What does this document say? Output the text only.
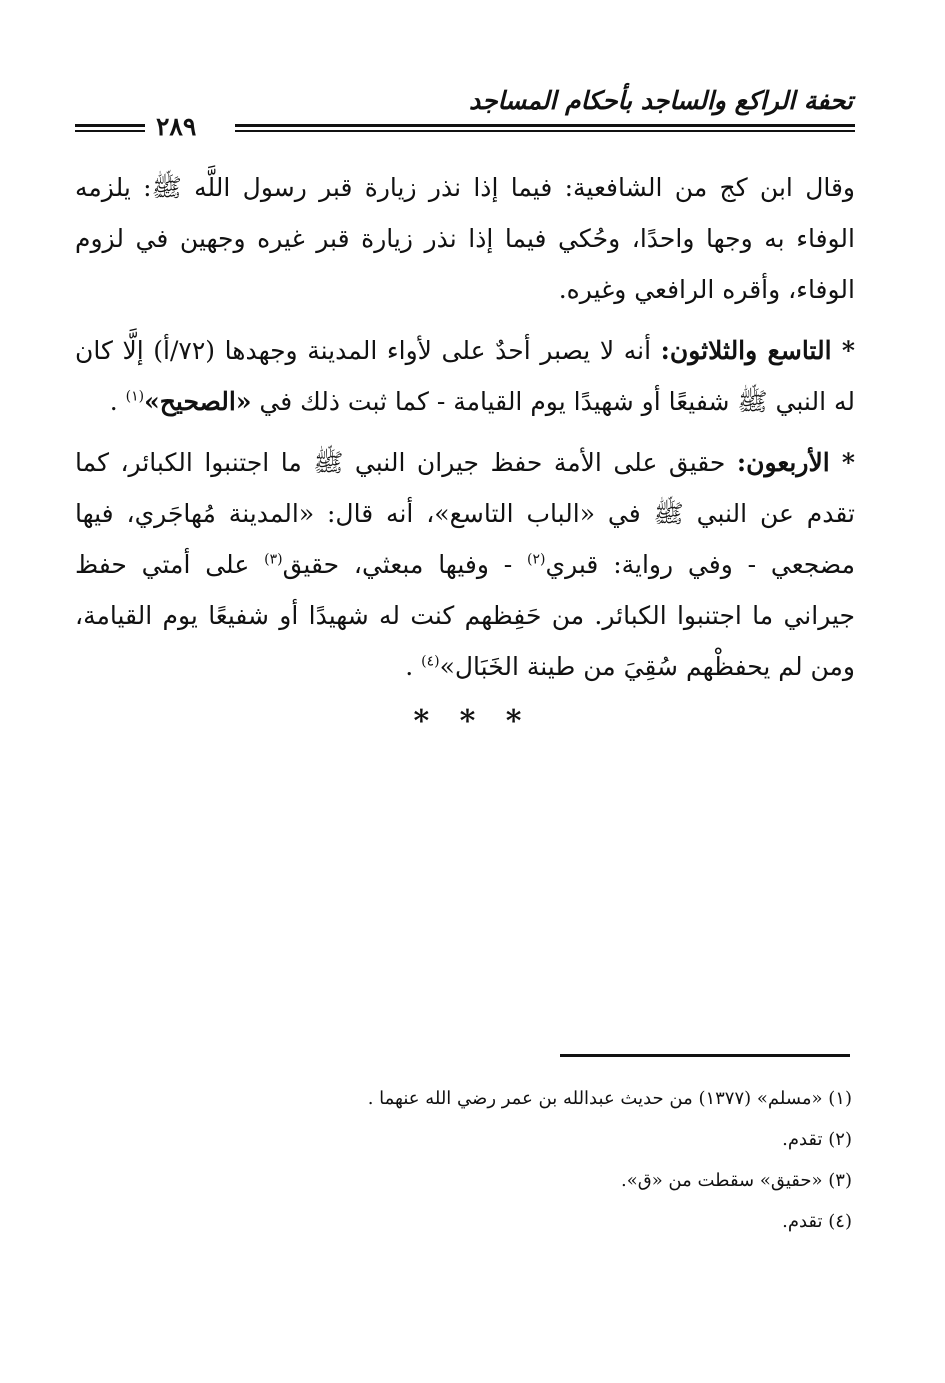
تحفة الراكع والساجد بأحكام المساجد
٢٨٩

وقال ابن كج من الشافعية: فيما إذا نذر زيارة قبر رسول اللَّه ﷺ: يلزمه الوفاء به وجها واحدًا، وحُكي فيما إذا نذر زيارة قبر غيره وجهين في لزوم الوفاء، وأقره الرافعي وغيره.

* التاسع والثلاثون: أنه لا يصبر أحدٌ على لأواء المدينة وجهدها (٧٢/أ) إلَّا كان له النبي ﷺ شفيعًا أو شهيدًا يوم القيامة - كما ثبت ذلك في «الصحيح»$^{(١)}$ .

* الأربعون: حقيق على الأمة حفظ جيران النبي ﷺ ما اجتنبوا الكبائر، كما تقدم عن النبي ﷺ في «الباب التاسع»، أنه قال: «المدينة مُهاجَري، فيها مضجعي - وفي رواية: قبري$^{(٢)}$ - وفيها مبعثي، حقيق$^{(٣)}$ على أمتي حفظ جيراني ما اجتنبوا الكبائر. من حَفِظهم كنت له شهيدًا أو شفيعًا يوم القيامة، ومن لم يحفظْهم سُقِيَ من طينة الخَبَال»$^{(٤)}$ .

* * *
(١) «مسلم» (١٣٧٧) من حديث عبدالله بن عمر رضي الله عنهما .
(٢) تقدم.
(٣) «حقيق» سقطت من «ق».
(٤) تقدم.
